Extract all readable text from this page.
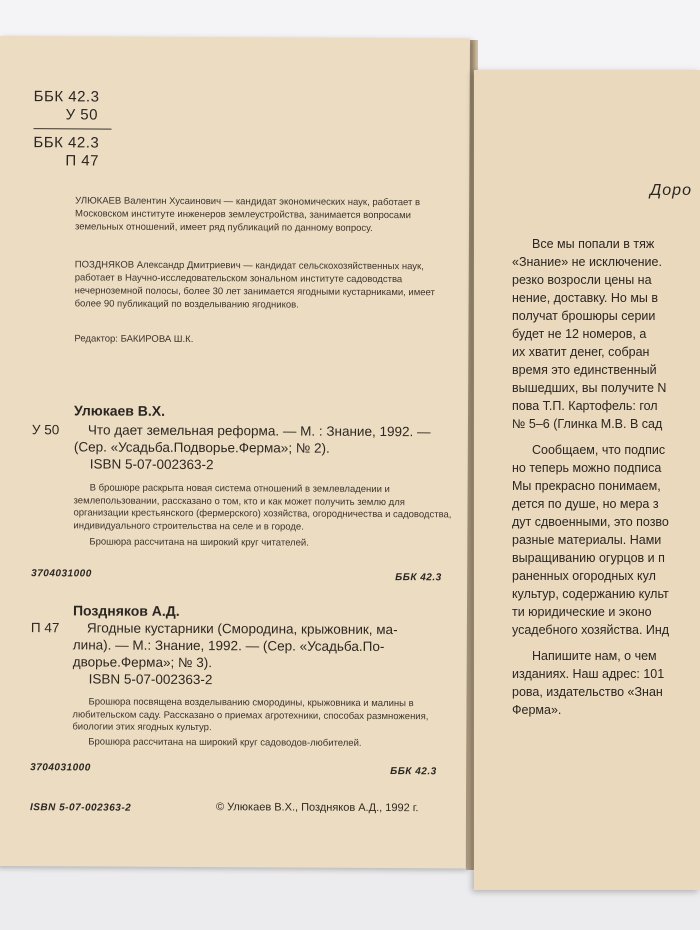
ББК 42.3
У 50
ББК 42.3
П 47
УЛЮКАЕВ Валентин Хусаинович — кандидат экономических наук, работает в Московском институте инженеров землеустройства, занимается вопросами земельных отношений, имеет ряд публикаций по данному вопросу.
ПОЗДНЯКОВ Александр Дмитриевич — кандидат сельскохозяйственных наук, работает в Научно-исследовательском зональном институте садоводства нечерноземной полосы, более 30 лет занимается ягодными кустарниками, имеет более 90 публикаций по возделыванию ягодников.
Редактор: БАКИРОВА Ш.К.
Улюкаев В.Х.
У 50 Что дает земельная реформа. — М. : Знание, 1992. —
(Сер. «Усадьба.Подворье.Ферма»; № 2).
ISBN 5-07-002363-2
В брошюре раскрыта новая система отношений в землевладении и землепользовании, рассказано о том, кто и как может получить землю для организации крестьянского (фермерского) хозяйства, огородничества и садоводства, индивидуального строительства на селе и в городе.
Брошюра рассчитана на широкий круг читателей.
3704031000	ББК 42.3
Поздняков А.Д.
П 47 Ягодные кустарники (Смородина, крыжовник, ма-
лина). — М.: Знание, 1992. — (Сер. «Усадьба.По-
дворье.Ферма»; № 3).
ISBN 5-07-002363-2
Брошюра посвящена возделыванию смородины, крыжовника и малины в любительском саду. Рассказано о приемах агротехники, способах размножения, биологии этих ягодных культур.
Брошюра рассчитана на широкий круг садоводов-любителей.
3704031000	ББК 42.3
ISBN 5-07-002363-2	© Улюкаев В.Х., Поздняков А.Д., 1992 г.
Доро
Все мы попали в тяж
«Знание» не исключение.
резко возросли цены на
нение, доставку. Но мы в
получат брошюры серии
будет не 12 номеров, а
их хватит денег, собран
время это единственный
вышедших, вы получите N
пова Т.П. Картофель: гол
№ 5–6 (Глинка М.В. В сад
Сообщаем, что подпис
но теперь можно подписа
Мы прекрасно понимаем,
дется по душе, но мера з
дут сдвоенными, это позво
разные материалы. Нами
выращиванию огурцов и п
раненных огородных кул
культур, содержанию культ
ти юридические и эконо
усадебного хозяйства. Инд
Напишите нам, о чем
изданиях. Наш адрес: 101
рова, издательство «Знан
Ферма».
